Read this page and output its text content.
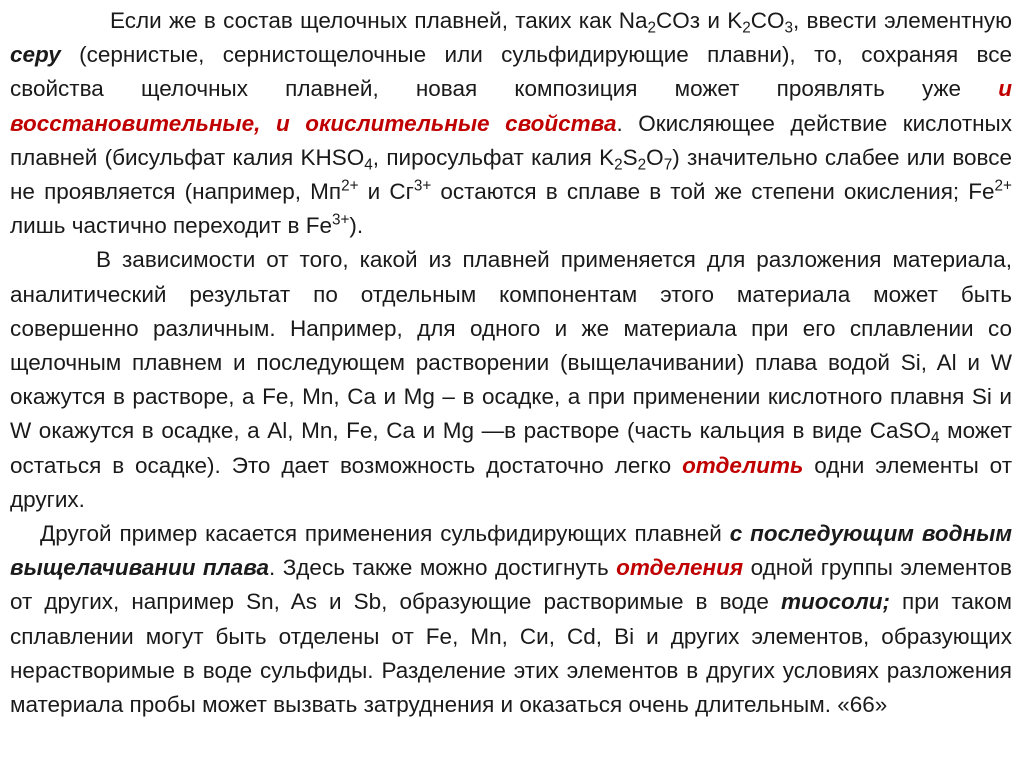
Если же в состав щелочных плавней, таких как $Na_2COз$ и $K_2CO_3$, ввести элементную серу (сернистые, сернистощелочные или сульфидирующие плавни), то, сохраняя все свойства щелочных плавней, новая композиция может проявлять уже и восстановительные, и окислительные свойства. Окисляющее действие кислотных плавней (бисульфат калия $KHSO_4$, пиросульфат калия $K_2S_2O_7$) значительно слабее или вовсе не проявляется (например, $Мп^{2+}$ и $Сг^{3+}$ остаются в сплаве в той же степени окисления; $Fe^{2+}$ лишь частично переходит в $Fe^{3+}$).

В зависимости от того, какой из плавней применяется для разложения материала, аналитический результат по отдельным компонентам этого материала может быть совершенно различным. Например, для одного и же материала при его сплавлении со щелочным плавнем и последующем растворении (выщелачивании) плава водой Si, Al и W окажутся в растворе, а Fe, Mn, Ca и Mg – в осадке, а при применении кислотного плавня Si и W окажутся в осадке, а Al, Mn, Fe, Ca и Mg —в растворе (часть кальция в виде CaSO$_4$ может остаться в осадке). Это дает возможность достаточно легко отделить одни элементы от других.

Другой пример касается применения сульфидирующих плавней с последующим водным выщелачивании плава. Здесь также можно достигнуть отделения одной группы элементов от других, например Sn, As и Sb, образующие растворимые в воде тиосоли; при таком сплавлении могут быть отделены от Fe, Mn, Cи, Cd, Bi и других элементов, образующих нерастворимые в воде сульфиды. Разделение этих элементов в других условиях разложения материала пробы может вызвать затруднения и оказаться очень длительным. «66»
